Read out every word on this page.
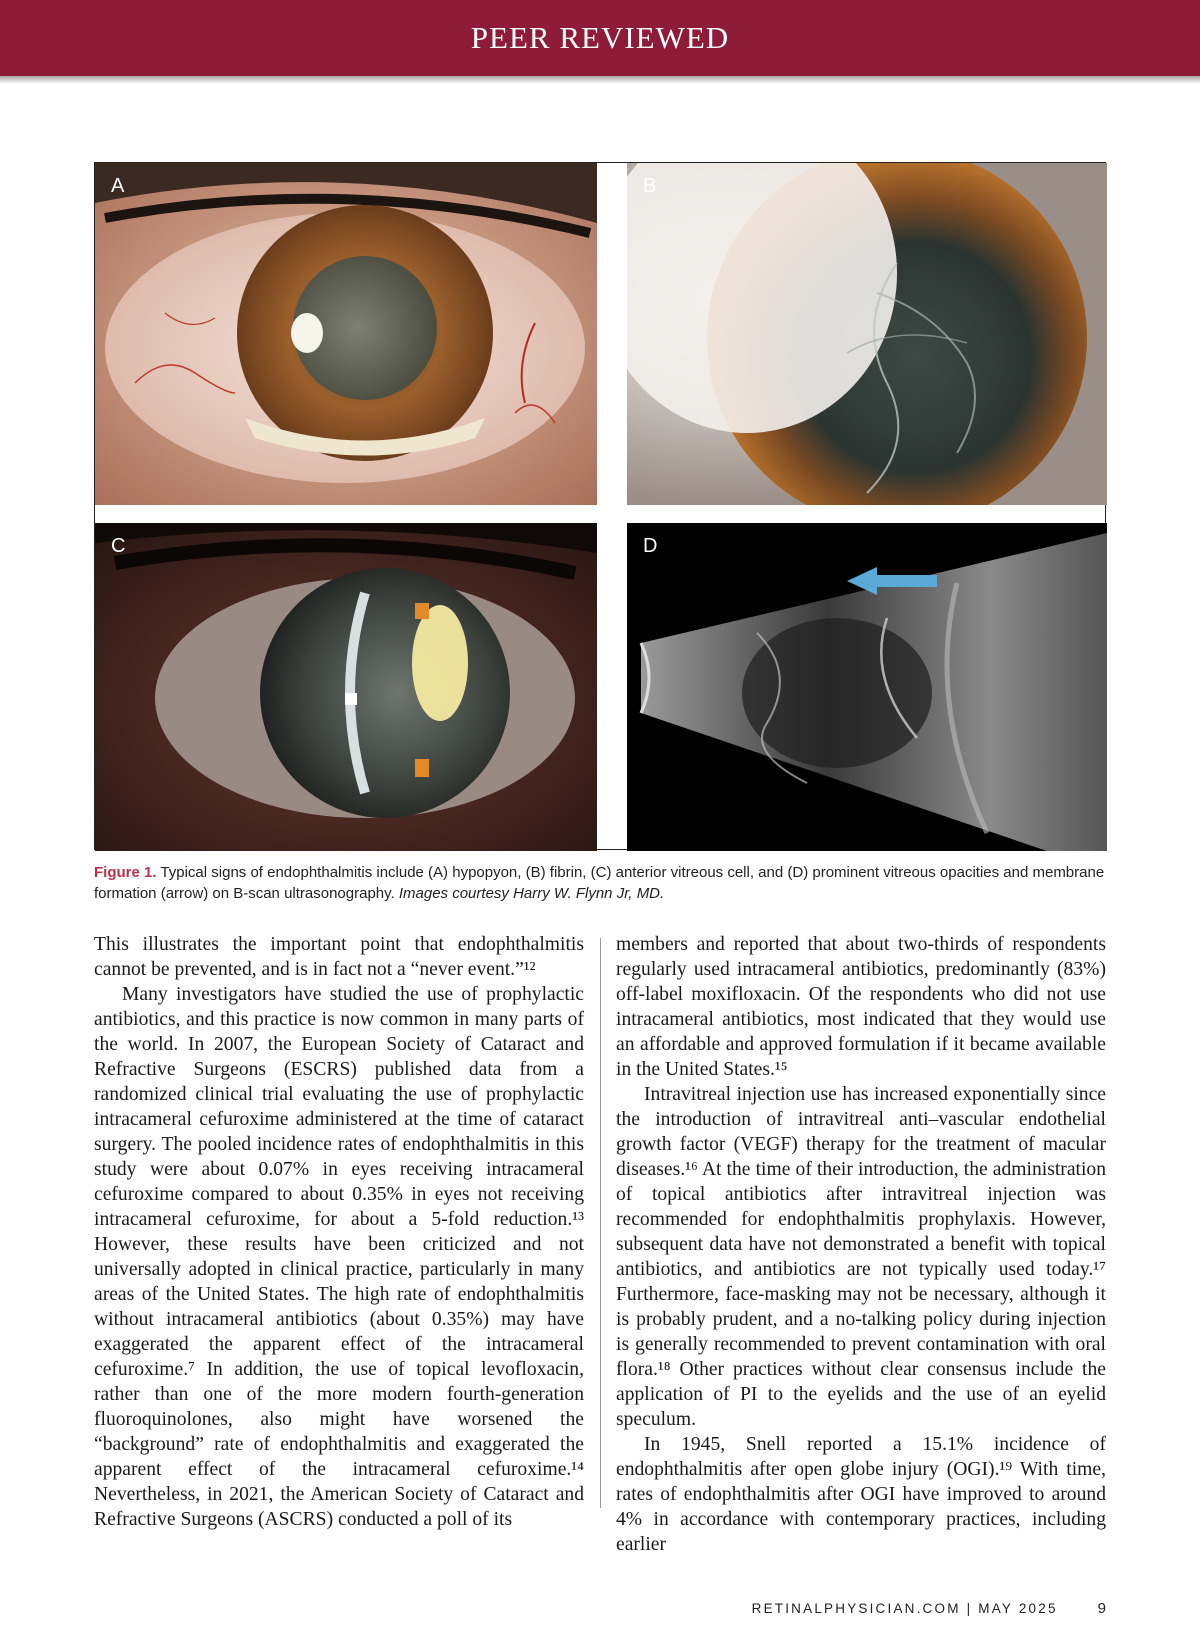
PEER REVIEWED
A	B
C	D

Figure 1. Typical signs of endophthalmitis include (A) hypopyon, (B) fibrin, (C) anterior vitreous cell, and (D) prominent vitreous opacities and membrane formation (arrow) on B-scan ultrasonography. Images courtesy Harry W. Flynn Jr, MD.

This illustrates the important point that endophthalmitis cannot be prevented, and is in fact not a “never event.”¹²

Many investigators have studied the use of prophylactic antibiotics, and this practice is now common in many parts of the world. In 2007, the European Society of Cataract and Refractive Surgeons (ESCRS) published data from a randomized clinical trial evaluating the use of prophylactic intracameral cefuroxime administered at the time of cataract surgery. The pooled incidence rates of endophthalmitis in this study were about 0.07% in eyes receiving intracameral cefuroxime compared to about 0.35% in eyes not receiving intracameral cefuroxime, for about a 5-fold reduction.¹³ However, these results have been criticized and not universally adopted in clinical practice, particularly in many areas of the United States. The high rate of endophthalmitis without intracameral antibiotics (about 0.35%) may have exaggerated the apparent effect of the intracameral cefuroxime.⁷ In addition, the use of topical levofloxacin, rather than one of the more modern fourth-generation fluoroquinolones, also might have worsened the “background” rate of endophthalmitis and exaggerated the apparent effect of the intracameral cefuroxime.¹⁴ Nevertheless, in 2021, the American Society of Cataract and Refractive Surgeons (ASCRS) conducted a poll of its

members and reported that about two-thirds of respondents regularly used intracameral antibiotics, predominantly (83%) off-label moxifloxacin. Of the respondents who did not use intracameral antibiotics, most indicated that they would use an affordable and approved formulation if it became available in the United States.¹⁵

Intravitreal injection use has increased exponentially since the introduction of intravitreal anti–vascular endothelial growth factor (VEGF) therapy for the treatment of macular diseases.¹⁶ At the time of their introduction, the administration of topical antibiotics after intravitreal injection was recommended for endophthalmitis prophylaxis. However, subsequent data have not demonstrated a benefit with topical antibiotics, and antibiotics are not typically used today.¹⁷ Furthermore, face-masking may not be necessary, although it is probably prudent, and a no-talking policy during injection is generally recommended to prevent contamination with oral flora.¹⁸ Other practices without clear consensus include the application of PI to the eyelids and the use of an eyelid speculum.

In 1945, Snell reported a 15.1% incidence of endophthalmitis after open globe injury (OGI).¹⁹ With time, rates of endophthalmitis after OGI have improved to around 4% in accordance with contemporary practices, including earlier

RETINALPHYSICIAN.COM | MAY 2025	9
